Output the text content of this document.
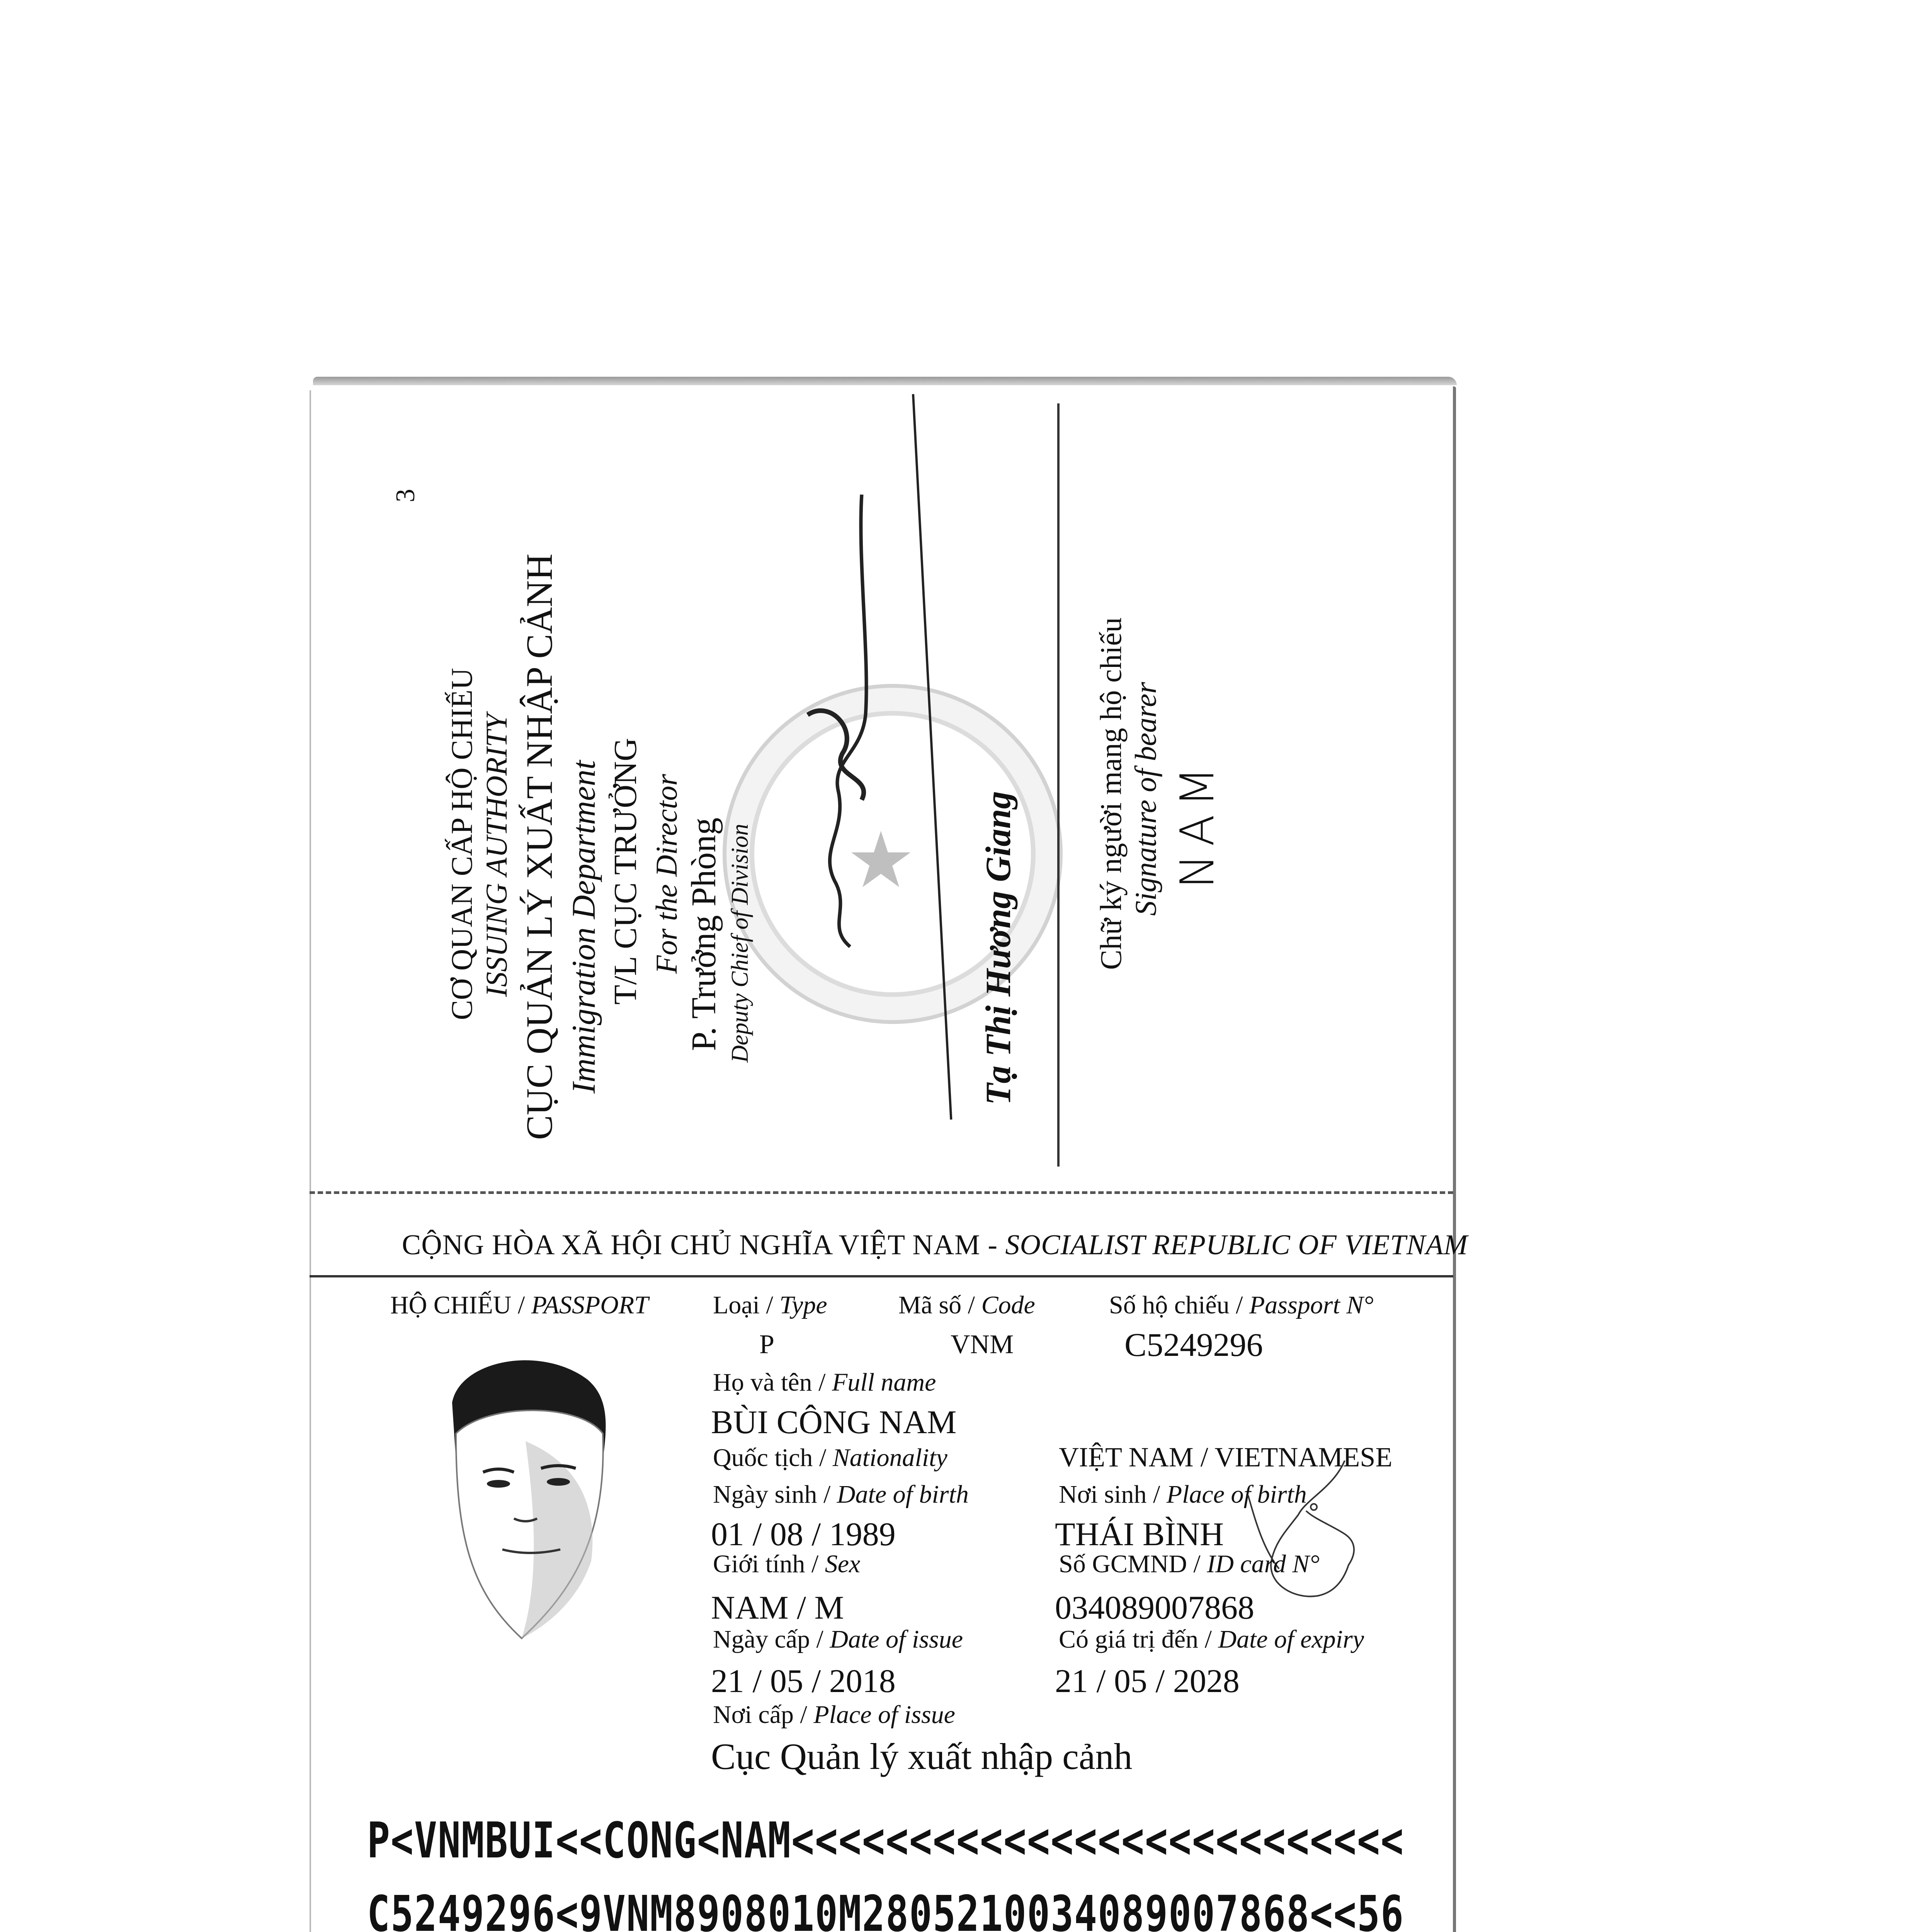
3
CƠ QUAN CẤP HỘ CHIẾU ISSUING AUTHORITY CỤC QUẢN LÝ XUẤT NHẬP CẢNH Immigration Department T/L CỤC TRƯỞNG For the Director ★
P. Trưởng Phòng Deputy Chief of Division	Tạ Thị Hương Giang	Chữ ký người mang hộ chiếu Signature of bearer NAM
CỘNG HÒA XÃ HỘI CHỦ NGHĨA VIỆT NAM - SOCIALIST REPUBLIC OF VIETNAM
HỘ CHIẾU / PASSPORT	Loại / Type	Mã số / Code	Số hộ chiếu / Passport N°
P	VNM	C5249296
Họ và tên / Full name
BÙI CÔNG NAM
Quốc tịch / Nationality	VIỆT NAM / VIETNAMESE
Ngày sinh / Date of birth	Nơi sinh / Place of birth
01 / 08 / 1989	THÁI BÌNH
Giới tính / Sex	Số GCMND / ID card N°
NAM / M	034089007868
Ngày cấp / Date of issue	Có giá trị đến / Date of expiry
21 / 05 / 2018	21 / 05 / 2028
Nơi cấp / Place of issue
Cục Quản lý xuất nhập cảnh
P<VNMBUI<<CONG<NAM<<<<<<<<<<<<<<<<<<<<<<<<<<
C5249296<9VNM8908010M2805210034089007868<<56
